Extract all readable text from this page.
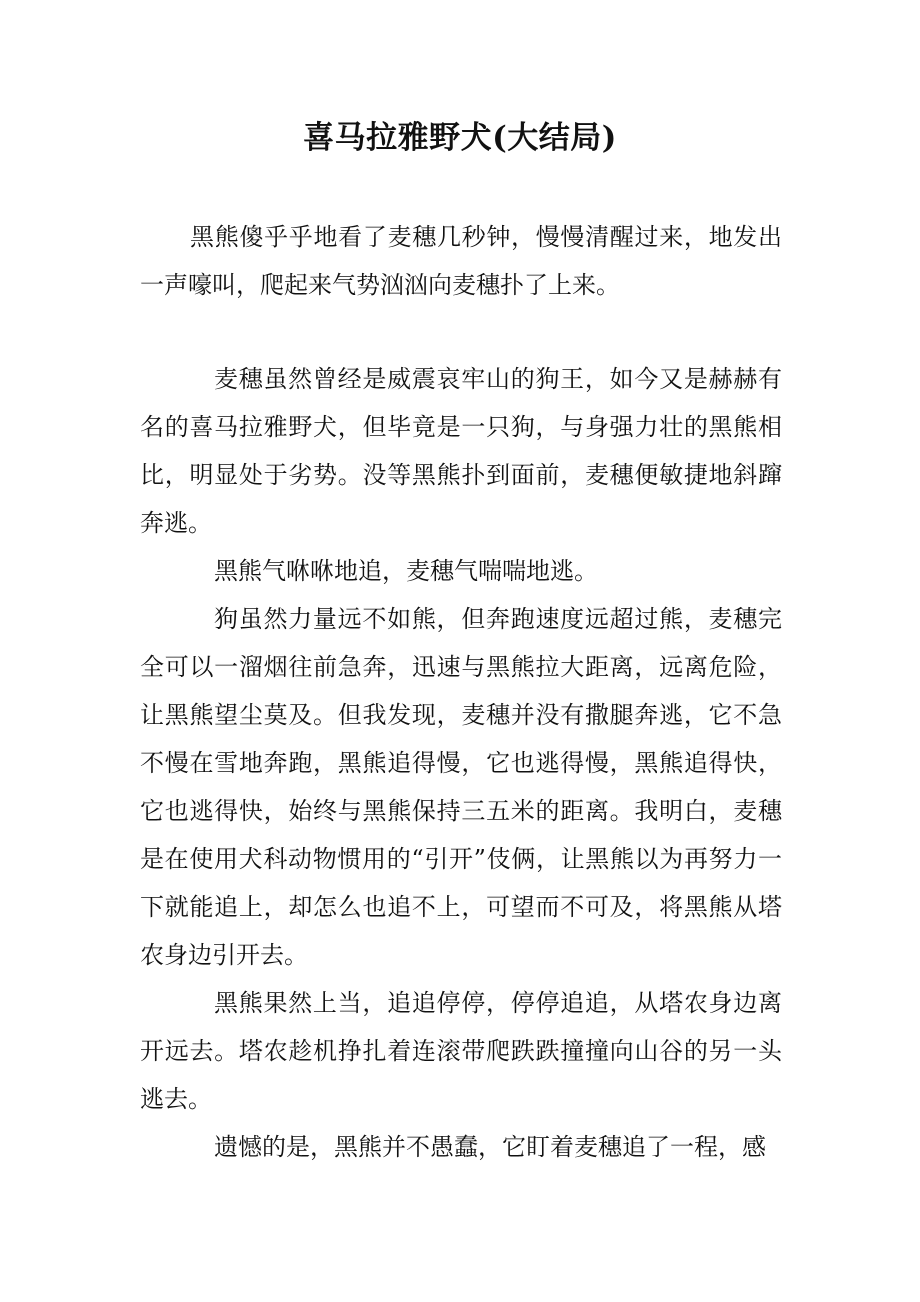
喜马拉雅野犬(大结局)

黑熊傻乎乎地看了麦穗几秒钟，慢慢清醒过来，地发出一声嚎叫，爬起来气势汹汹向麦穗扑了上来。

麦穗虽然曾经是威震哀牢山的狗王，如今又是赫赫有名的喜马拉雅野犬，但毕竟是一只狗，与身强力壮的黑熊相比，明显处于劣势。没等黑熊扑到面前，麦穗便敏捷地斜蹿奔逃。

黑熊气咻咻地追，麦穗气喘喘地逃。

狗虽然力量远不如熊，但奔跑速度远超过熊，麦穗完全可以一溜烟往前急奔，迅速与黑熊拉大距离，远离危险，让黑熊望尘莫及。但我发现，麦穗并没有撒腿奔逃，它不急不慢在雪地奔跑，黑熊追得慢，它也逃得慢，黑熊追得快，它也逃得快，始终与黑熊保持三五米的距离。我明白，麦穗是在使用犬科动物惯用的“引开”伎俩，让黑熊以为再努力一下就能追上，却怎么也追不上，可望而不可及，将黑熊从塔农身边引开去。

黑熊果然上当，追追停停，停停追追，从塔农身边离开远去。塔农趁机挣扎着连滚带爬跌跌撞撞向山谷的另一头逃去。

遗憾的是，黑熊并不愚蠢，它盯着麦穗追了一程，感
